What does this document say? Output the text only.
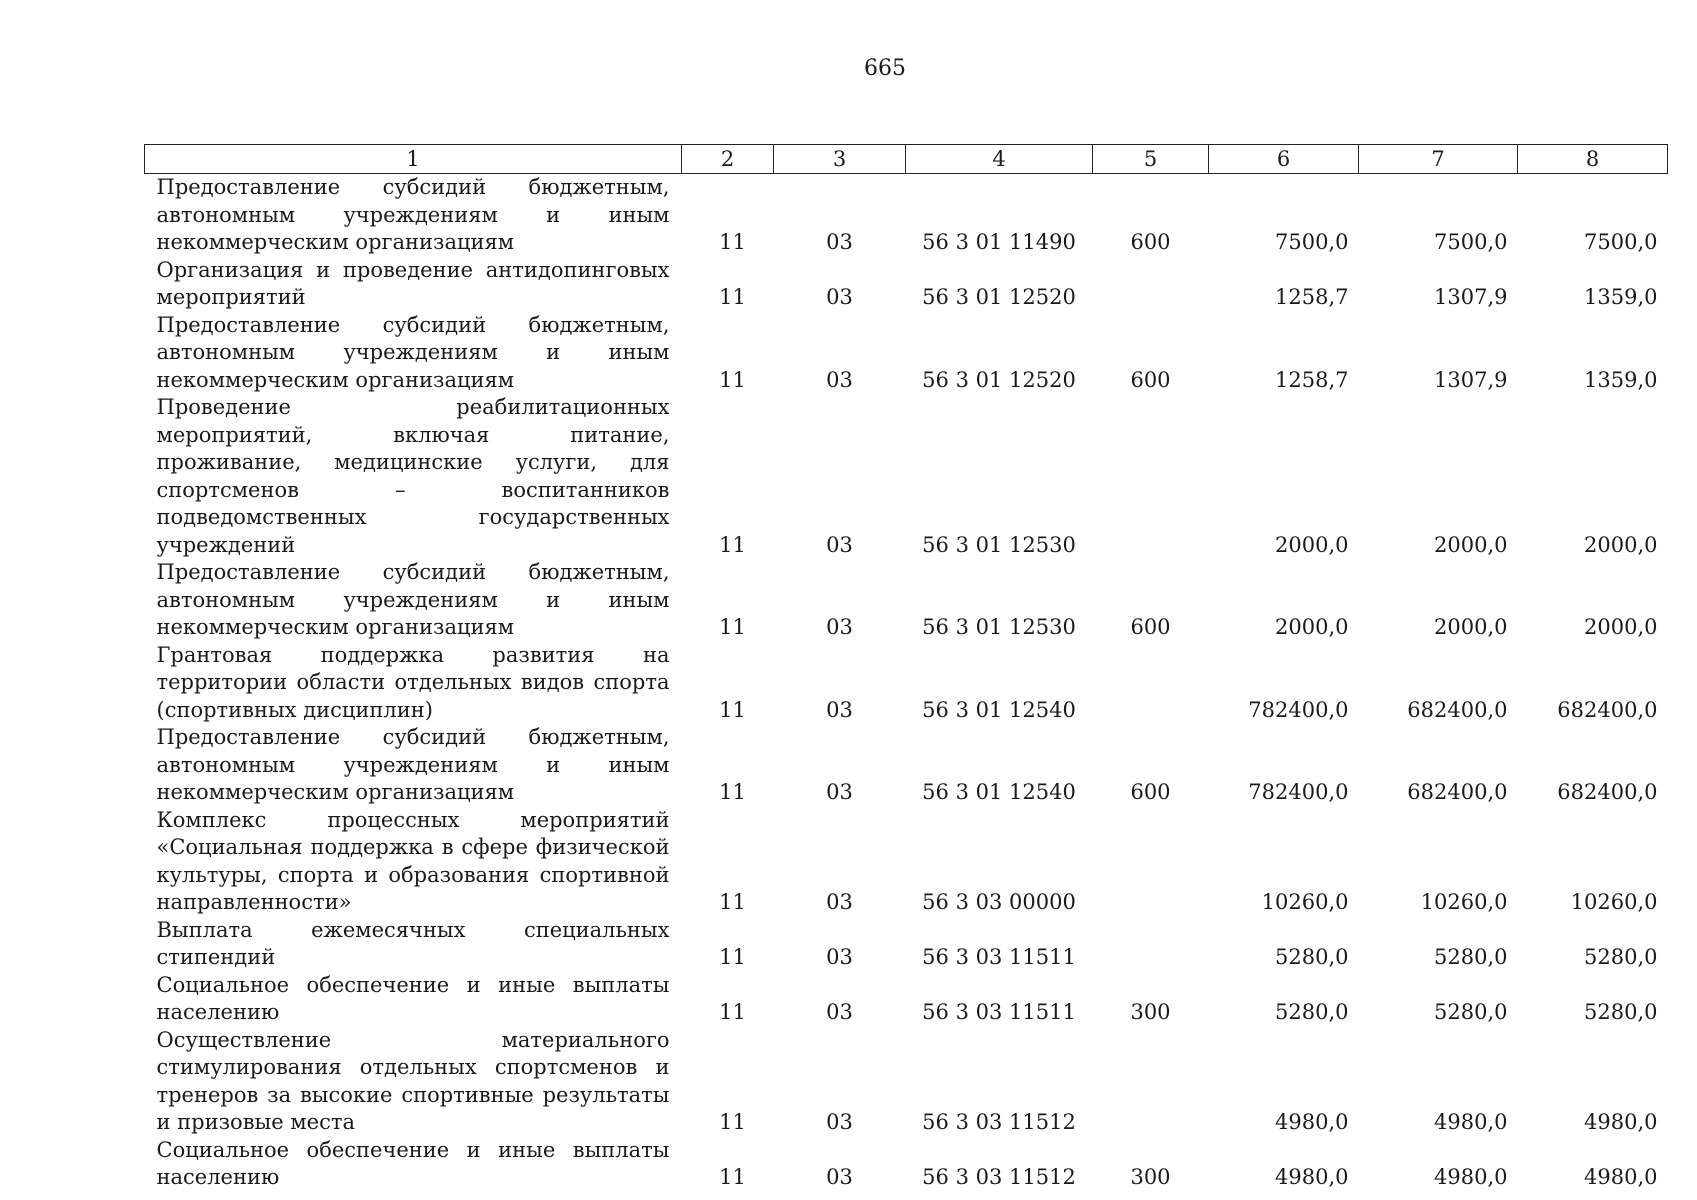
665
1	2	3	4	5	6	7	8
Предоставление субсидий бюджетным, автономным учреждениям и иным некоммерческим организациям	11	03	56 3 01 11490	600	7500,0	7500,0	7500,0
Организация и проведение антидопинговых мероприятий	11	03	56 3 01 12520		1258,7	1307,9	1359,0
Предоставление субсидий бюджетным, автономным учреждениям и иным некоммерческим организациям	11	03	56 3 01 12520	600	1258,7	1307,9	1359,0
Проведение реабилитационных мероприятий, включая питание, проживание, медицинские услуги, для спортсменов – воспитанников подведомственных государственных учреждений	11	03	56 3 01 12530		2000,0	2000,0	2000,0
Предоставление субсидий бюджетным, автономным учреждениям и иным некоммерческим организациям	11	03	56 3 01 12530	600	2000,0	2000,0	2000,0
Грантовая поддержка развития на территории области отдельных видов спорта (спортивных дисциплин)	11	03	56 3 01 12540		782400,0	682400,0	682400,0
Предоставление субсидий бюджетным, автономным учреждениям и иным некоммерческим организациям	11	03	56 3 01 12540	600	782400,0	682400,0	682400,0
Комплекс процессных мероприятий «Социальная поддержка в сфере физической культуры, спорта и образования спортивной направленности»	11	03	56 3 03 00000		10260,0	10260,0	10260,0
Выплата ежемесячных специальных стипендий	11	03	56 3 03 11511		5280,0	5280,0	5280,0
Социальное обеспечение и иные выплаты населению	11	03	56 3 03 11511	300	5280,0	5280,0	5280,0
Осуществление материального стимулирования отдельных спортсменов и тренеров за высокие спортивные результаты и призовые места	11	03	56 3 03 11512		4980,0	4980,0	4980,0
Социальное обеспечение и иные выплаты населению	11	03	56 3 03 11512	300	4980,0	4980,0	4980,0
